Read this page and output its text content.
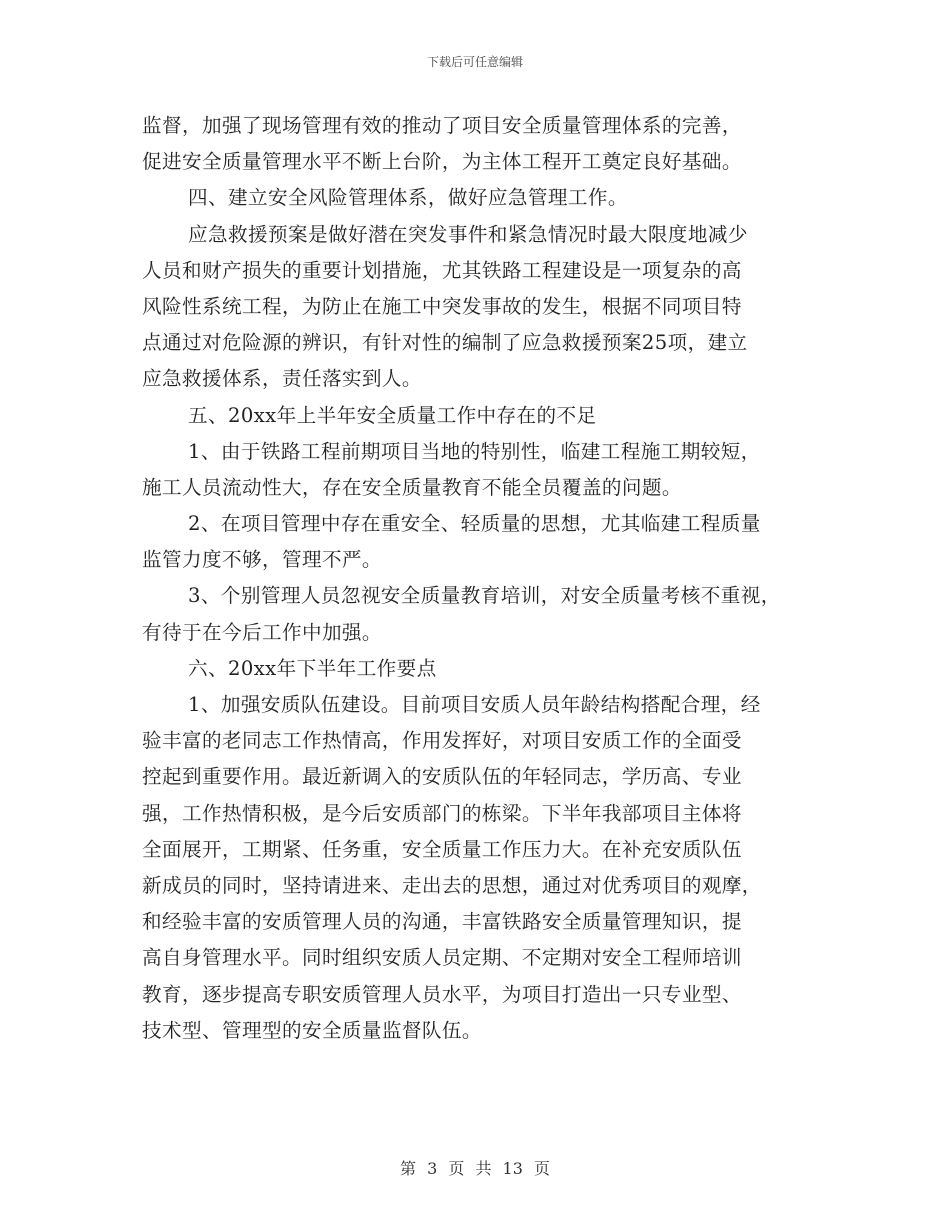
下载后可任意编辑
监督，加强了现场管理有效的推动了项目安全质量管理体系的完善，
促进安全质量管理水平不断上台阶，为主体工程开工奠定良好基础。
四、建立安全风险管理体系，做好应急管理工作。
应急救援预案是做好潜在突发事件和紧急情况时最大限度地减少
人员和财产损失的重要计划措施，尤其铁路工程建设是一项复杂的高
风险性系统工程，为防止在施工中突发事故的发生，根据不同项目特
点通过对危险源的辨识，有针对性的编制了应急救援预案25项，建立
应急救援体系，责任落实到人。
五、20xx年上半年安全质量工作中存在的不足
1、由于铁路工程前期项目当地的特别性，临建工程施工期较短，
施工人员流动性大，存在安全质量教育不能全员覆盖的问题。
2、在项目管理中存在重安全、轻质量的思想，尤其临建工程质量
监管力度不够，管理不严。
3、个别管理人员忽视安全质量教育培训，对安全质量考核不重视，
有待于在今后工作中加强。
六、20xx年下半年工作要点
1、加强安质队伍建设。目前项目安质人员年龄结构搭配合理，经
验丰富的老同志工作热情高，作用发挥好，对项目安质工作的全面受
控起到重要作用。最近新调入的安质队伍的年轻同志，学历高、专业
强，工作热情积极，是今后安质部门的栋梁。下半年我部项目主体将
全面展开，工期紧、任务重，安全质量工作压力大。在补充安质队伍
新成员的同时，坚持请进来、走出去的思想，通过对优秀项目的观摩，
和经验丰富的安质管理人员的沟通，丰富铁路安全质量管理知识，提
高自身管理水平。同时组织安质人员定期、不定期对安全工程师培训
教育，逐步提高专职安质管理人员水平，为项目打造出一只专业型、
技术型、管理型的安全质量监督队伍。
第 3 页 共 13 页
